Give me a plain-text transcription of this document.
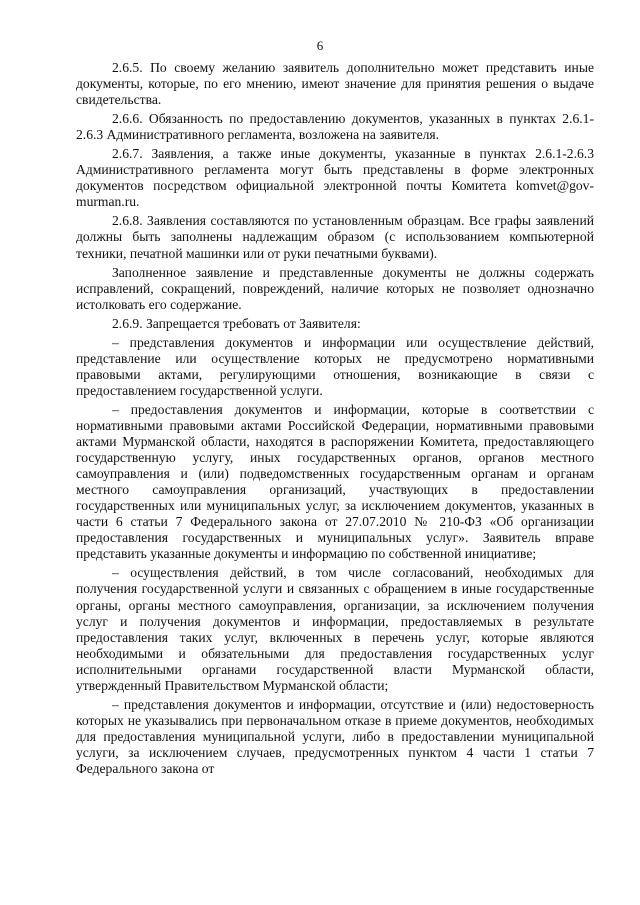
6

2.6.5. По своему желанию заявитель дополнительно может представить иные документы, которые, по его мнению, имеют значение для принятия решения о выдаче свидетельства.

2.6.6. Обязанность по предоставлению документов, указанных в пунктах 2.6.1-2.6.3 Административного регламента, возложена на заявителя.

2.6.7. Заявления, а также иные документы, указанные в пунктах 2.6.1-2.6.3 Административного регламента могут быть представлены в форме электронных документов посредством официальной электронной почты Комитета komvet@gov-murman.ru.

2.6.8. Заявления составляются по установленным образцам. Все графы заявлений должны быть заполнены надлежащим образом (с использованием компьютерной техники, печатной машинки или от руки печатными буквами).

Заполненное заявление и представленные документы не должны содержать исправлений, сокращений, повреждений, наличие которых не позволяет однозначно истолковать его содержание.

2.6.9. Запрещается требовать от Заявителя:

– представления документов и информации или осуществление действий, представление или осуществление которых не предусмотрено нормативными правовыми актами, регулирующими отношения, возникающие в связи с предоставлением государственной услуги.

– предоставления документов и информации, которые в соответствии с нормативными правовыми актами Российской Федерации, нормативными правовыми актами Мурманской области, находятся в распоряжении Комитета, предоставляющего государственную услугу, иных государственных органов, органов местного самоуправления и (или) подведомственных государственным органам и органам местного самоуправления организаций, участвующих в предоставлении государственных или муниципальных услуг, за исключением документов, указанных в части 6 статьи 7 Федерального закона от 27.07.2010 № 210-ФЗ «Об организации предоставления государственных и муниципальных услуг». Заявитель вправе представить указанные документы и информацию по собственной инициативе;

– осуществления действий, в том числе согласований, необходимых для получения государственной услуги и связанных с обращением в иные государственные органы, органы местного самоуправления, организации, за исключением получения услуг и получения документов и информации, предоставляемых в результате предоставления таких услуг, включенных в перечень услуг, которые являются необходимыми и обязательными для предоставления государственных услуг исполнительными органами государственной власти Мурманской области, утвержденный Правительством Мурманской области;

– представления документов и информации, отсутствие и (или) недостоверность которых не указывались при первоначальном отказе в приеме документов, необходимых для предоставления муниципальной услуги, либо в предоставлении муниципальной услуги, за исключением случаев, предусмотренных пунктом 4 части 1 статьи 7 Федерального закона от
